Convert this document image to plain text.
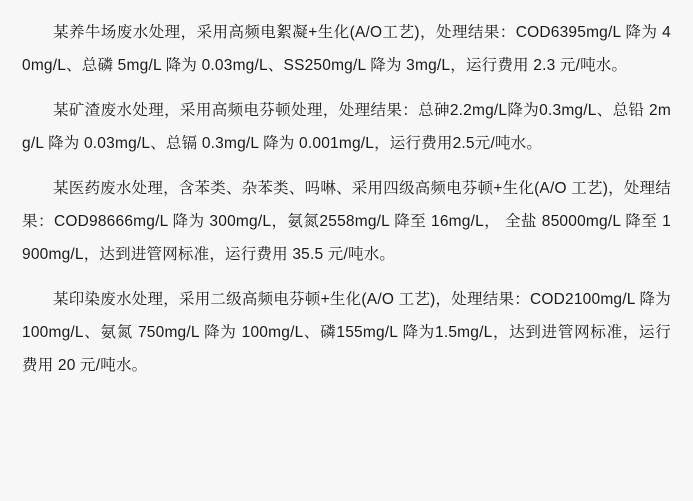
某养牛场废水处理，采用高频电絮凝+生化(A/O工艺)，处理结果：COD6395mg/L 降为 40mg/L、总磷 5mg/L 降为 0.03mg/L、SS250mg/L 降为 3mg/L，运行费用 2.3 元/吨水。

某矿渣废水处理，采用高频电芬顿处理，处理结果：总砷2.2mg/L降为0.3mg/L、总铅 2mg/L 降为 0.03mg/L、总镉 0.3mg/L 降为 0.001mg/L，运行费用2.5元/吨水。

某医药废水处理，含苯类、杂苯类、吗啉、采用四级高频电芬顿+生化(A/O 工艺)，处理结果：COD98666mg/L 降为 300mg/L，氨氮2558mg/L 降至 16mg/L， 全盐 85000mg/L 降至 1900mg/L，达到进管网标准，运行费用 35.5 元/吨水。

某印染废水处理，采用二级高频电芬顿+生化(A/O 工艺)，处理结果：COD2100mg/L 降为 100mg/L、氨氮 750mg/L 降为 100mg/L、磷155mg/L 降为1.5mg/L，达到进管网标准，运行费用 20 元/吨水。
